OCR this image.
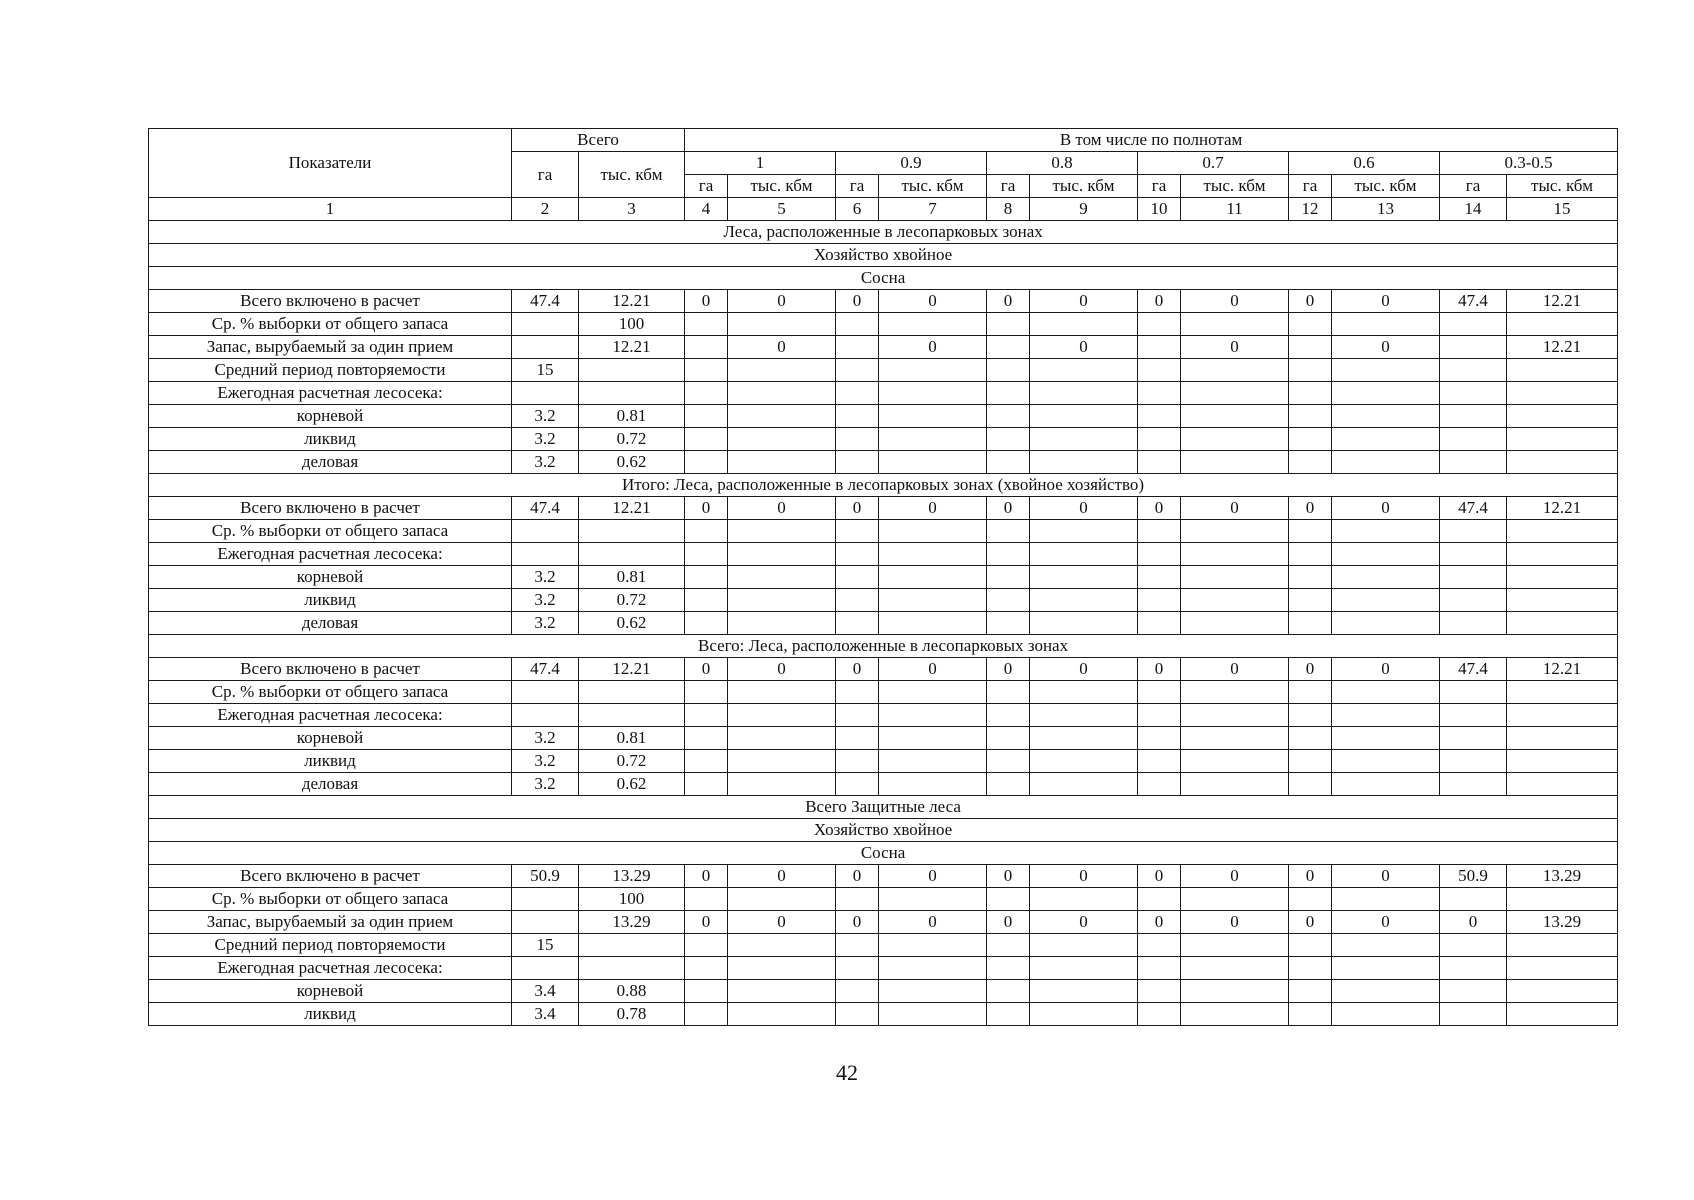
Показатели	Всего		В том числе по полнотам											
	га	тыс. кбм	1		0.9		0.8		0.7		0.6		0.3-0.5	
			га	тыс. кбм	га	тыс. кбм	га	тыс. кбм	га	тыс. кбм	га	тыс. кбм	га	тыс. кбм
1	2	3	4	5	6	7	8	9	10	11	12	13	14	15
Леса, расположенные в лесопарковых зонах														
Хозяйство хвойное														
Сосна														
Всего включено в расчет	47.4	12.21	0	0	0	0	0	0	0	0	0	0	47.4	12.21
Ср. % выборки от общего запаса		100												
Запас, вырубаемый за один прием		12.21		0		0		0		0		0		12.21
Средний период повторяемости	15													
Ежегодная расчетная лесосека:														
корневой	3.2	0.81												
ликвид	3.2	0.72												
деловая	3.2	0.62												
Итого: Леса, расположенные в лесопарковых зонах (хвойное хозяйство)														
Всего включено в расчет	47.4	12.21	0	0	0	0	0	0	0	0	0	0	47.4	12.21
Ср. % выборки от общего запаса														
Ежегодная расчетная лесосека:														
корневой	3.2	0.81												
ликвид	3.2	0.72												
деловая	3.2	0.62												
Всего: Леса, расположенные в лесопарковых зонах														
Всего включено в расчет	47.4	12.21	0	0	0	0	0	0	0	0	0	0	47.4	12.21
Ср. % выборки от общего запаса														
Ежегодная расчетная лесосека:														
корневой	3.2	0.81												
ликвид	3.2	0.72												
деловая	3.2	0.62												
Всего Защитные леса														
Хозяйство хвойное														
Сосна														
Всего включено в расчет	50.9	13.29	0	0	0	0	0	0	0	0	0	0	50.9	13.29
Ср. % выборки от общего запаса		100												
Запас, вырубаемый за один прием		13.29	0	0	0	0	0	0	0	0	0	0	0	13.29
Средний период повторяемости	15													
Ежегодная расчетная лесосека:														
корневой	3.4	0.88												
ликвид	3.4	0.78												
42
